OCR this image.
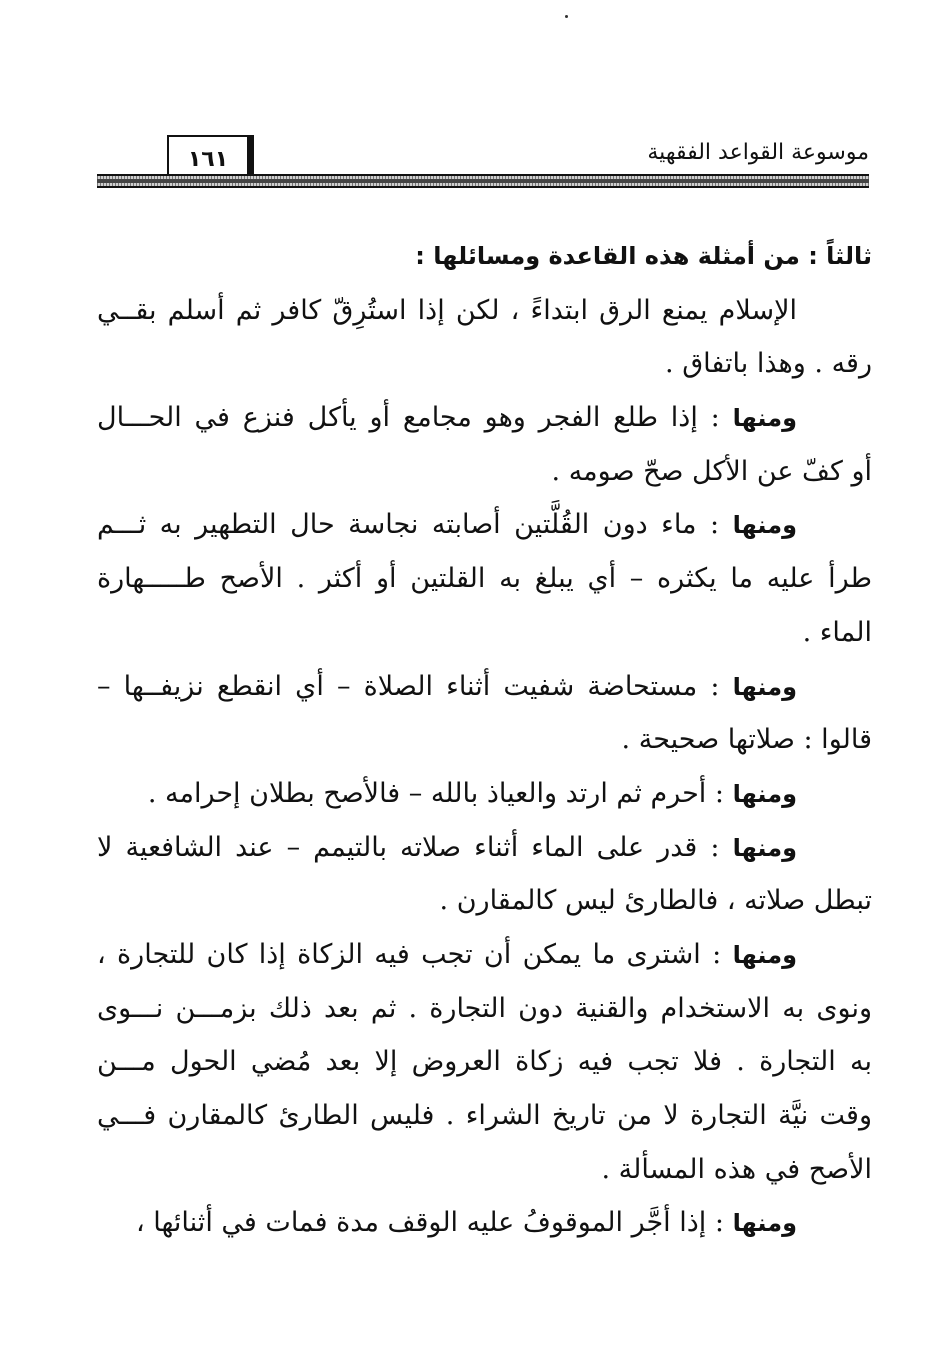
١٦١	موسوعة القواعد الفقهية
ثالثاً : من أمثلة هذه القاعدة ومسائلها :
الإسلام يمنع الرق ابتداءً ، لكن إذا استُرِقّ كافر ثم أسلم بقــي
رقه . وهذا باتفاق .
ومنها : إذا طلع الفجر وهو مجامع أو يأكل فنزع في الحـــال
أو كفّ عن الأكل صحّ صومه .
ومنها : ماء دون القُلَّتين أصابته نجاسة حال التطهير به ثـــم
طرأ عليه ما يكثره – أي يبلغ به القلتين أو أكثر . الأصح طـــــهارة
الماء .
ومنها : مستحاضة شفيت أثناء الصلاة – أي انقطع نزيفــها –
قالوا : صلاتها صحيحة .
ومنها : أحرم ثم ارتد والعياذ بالله – فالأصح بطلان إحرامه .
ومنها : قدر على الماء أثناء صلاته بالتيمم – عند الشافعية لا
تبطل صلاته ، فالطارئ ليس كالمقارن .
ومنها : اشترى ما يمكن أن تجب فيه الزكاة إذا كان للتجارة ،
ونوى به الاستخدام والقنية دون التجارة . ثم بعد ذلك بزمـــن نـــوى
به التجارة . فلا تجب فيه زكاة العروض إلا بعد مُضي الحول مـــن
وقت نيَّة التجارة لا من تاريخ الشراء . فليس الطارئ كالمقارن فـــي
الأصح في هذه المسألة .
ومنها : إذا أجَّر الموقوفُ عليه الوقف مدة فمات في أثنائها ،
